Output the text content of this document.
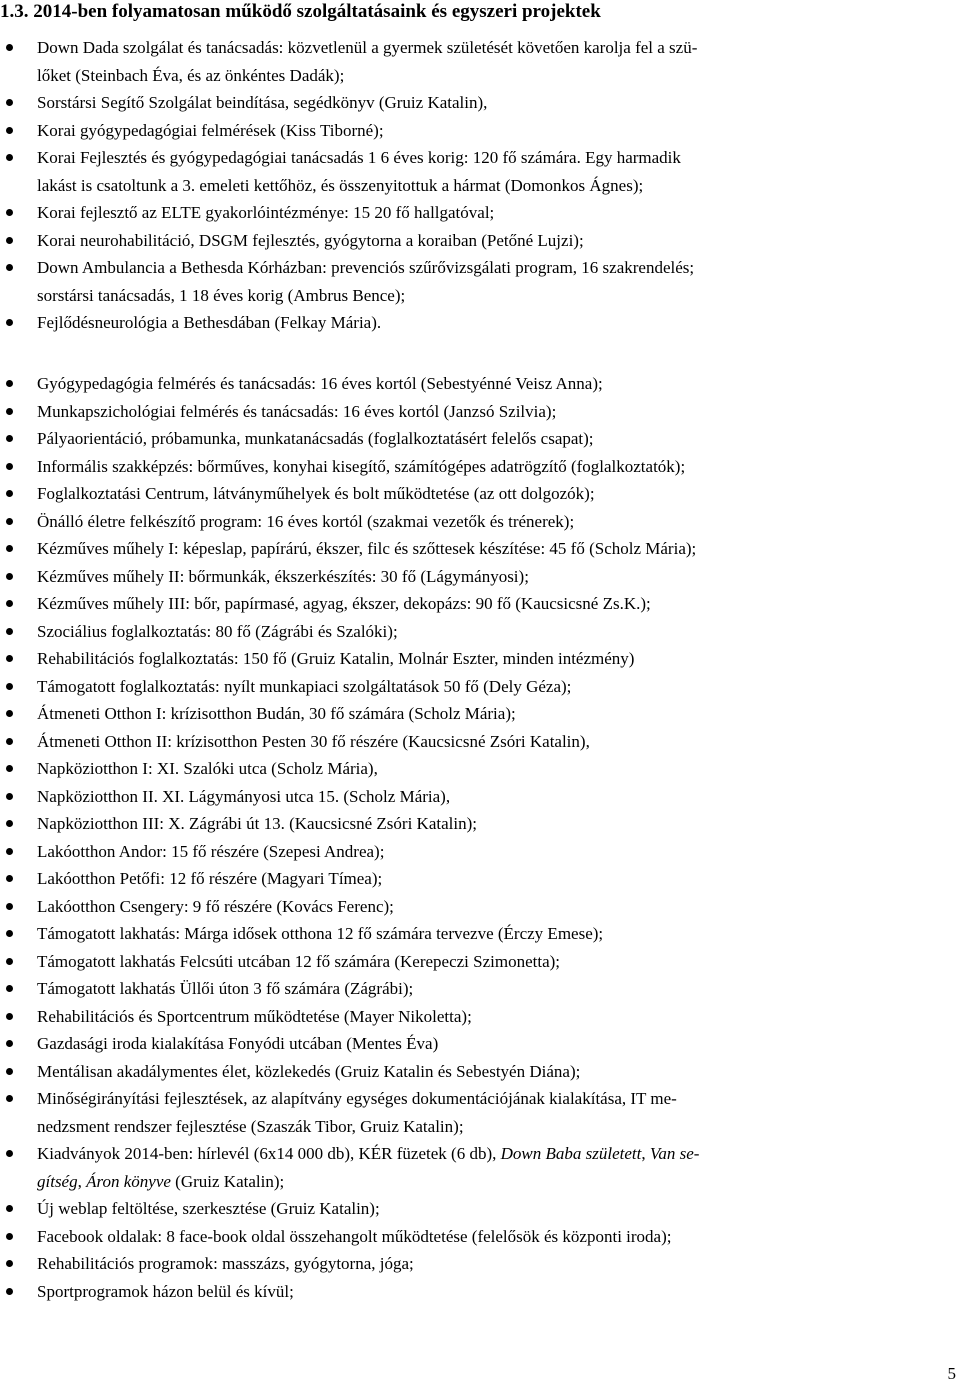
1.3. 2014-ben folyamatosan működő szolgáltatásaink és egyszeri projektek
Down Dada szolgálat és tanácsadás: közvetlenül a gyermek születését követően karolja fel a szü-
lőket (Steinbach Éva, és az önkéntes Dadák);
Sorstársi Segítő Szolgálat beindítása, segédkönyv (Gruiz Katalin),
Korai gyógypedagógiai felmérések (Kiss Tiborné);
Korai Fejlesztés és gyógypedagógiai tanácsadás 1 6 éves korig: 120 fő számára. Egy harmadik
lakást is csatoltunk a 3. emeleti kettőhöz, és összenyitottuk a hármat (Domonkos Ágnes);
Korai fejlesztő az ELTE gyakorlóintézménye: 15 20 fő hallgatóval;
Korai neurohabilitáció, DSGM fejlesztés, gyógytorna a koraiban (Petőné Lujzi);
Down Ambulancia a Bethesda Kórházban: prevenciós szűrővizsgálati program, 16 szakrendelés;
sorstársi tanácsadás, 1 18 éves korig (Ambrus Bence);
Fejlődésneurológia a Bethesdában (Felkay Mária).
Gyógypedagógia felmérés és tanácsadás: 16 éves kortól (Sebestyénné Veisz Anna);
Munkapszichológiai felmérés és tanácsadás: 16 éves kortól (Janzsó Szilvia);
Pályaorientáció, próbamunka, munkatanácsadás (foglalkoztatásért felelős csapat);
Informális szakképzés: bőrműves, konyhai kisegítő, számítógépes adatrögzítő (foglalkoztatók);
Foglalkoztatási Centrum, látványműhelyek és bolt működtetése (az ott dolgozók);
Önálló életre felkészítő program: 16 éves kortól (szakmai vezetők és trénerek);
Kézműves műhely I: képeslap, papírárú, ékszer, filc és szőttesek készítése: 45 fő (Scholz Mária);
Kézműves műhely II: bőrmunkák, ékszerkészítés: 30 fő (Lágymányosi);
Kézműves műhely III: bőr, papírmasé, agyag, ékszer, dekopázs: 90 fő (Kaucsicsné Zs.K.);
Szociálius foglalkoztatás: 80 fő (Zágrábi és Szalóki);
Rehabilitációs foglalkoztatás: 150 fő (Gruiz Katalin, Molnár Eszter, minden intézmény)
Támogatott foglalkoztatás: nyílt munkapiaci szolgáltatások 50 fő (Dely Géza);
Átmeneti Otthon I: krízisotthon Budán, 30 fő számára (Scholz Mária);
Átmeneti Otthon II: krízisotthon Pesten 30 fő részére (Kaucsicsné Zsóri Katalin),
Napköziotthon I: XI. Szalóki utca (Scholz Mária),
Napköziotthon II. XI. Lágymányosi utca 15. (Scholz Mária),
Napköziotthon III: X. Zágrábi út 13. (Kaucsicsné Zsóri Katalin);
Lakóotthon Andor: 15 fő részére (Szepesi Andrea);
Lakóotthon Petőfi: 12 fő részére (Magyari Tímea);
Lakóotthon Csengery: 9 fő részére (Kovács Ferenc);
Támogatott lakhatás: Márga idősek otthona 12 fő számára tervezve (Érczy Emese);
Támogatott lakhatás Felcsúti utcában 12 fő számára (Kerepeczi Szimonetta);
Támogatott lakhatás Üllői úton 3 fő számára (Zágrábi);
Rehabilitációs és Sportcentrum működtetése (Mayer Nikoletta);
Gazdasági iroda kialakítása Fonyódi utcában (Mentes Éva)
Mentálisan akadálymentes élet, közlekedés (Gruiz Katalin és Sebestyén Diána);
Minőségirányítási fejlesztések, az alapítvány egységes dokumentációjának kialakítása, IT me-
nedzsment rendszer fejlesztése (Szaszák Tibor, Gruiz Katalin);
Kiadványok 2014-ben: hírlevél (6x14 000 db), KÉR füzetek (6 db), Down Baba született, Van se-
gítség, Áron könyve (Gruiz Katalin);
Új weblap feltöltése, szerkesztése (Gruiz Katalin);
Facebook oldalak: 8 face-book oldal összehangolt működtetése (felelősök és központi iroda);
Rehabilitációs programok: masszázs, gyógytorna, jóga;
Sportprogramok házon belül és kívül;
5
